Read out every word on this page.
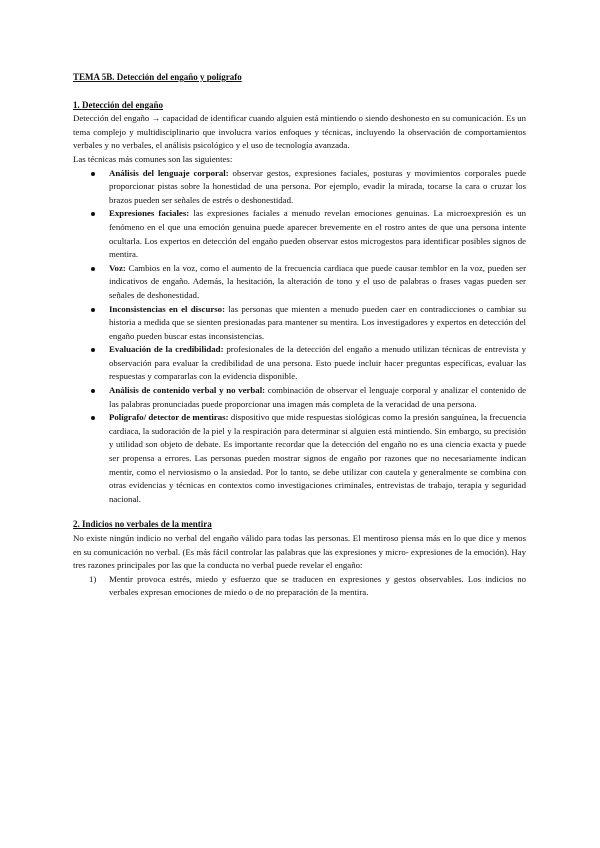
TEMA 5B. Detección del engaño y polígrafo

1. Detección del engaño

Detección del engaño → capacidad de identificar cuando alguien está mintiendo o siendo deshonesto en su comunicación. Es un tema complejo y multidisciplinario que involucra varios enfoques y técnicas, incluyendo la observación de comportamientos verbales y no verbales, el análisis psicológico y el uso de tecnología avanzada.

Las técnicas más comunes son las siguientes:

Análisis del lenguaje corporal: observar gestos, expresiones faciales, posturas y movimientos corporales puede proporcionar pistas sobre la honestidad de una persona. Por ejemplo, evadir la mirada, tocarse la cara o cruzar los brazos pueden ser señales de estrés o deshonestidad.
Expresiones faciales: las expresiones faciales a menudo revelan emociones genuinas. La microexpresión es un fenómeno en el que una emoción genuina puede aparecer brevemente en el rostro antes de que una persona intente ocultarla. Los expertos en detección del engaño pueden observar estos microgestos para identificar posibles signos de mentira.
Voz: Cambios en la voz, como el aumento de la frecuencia cardiaca que puede causar temblor en la voz, pueden ser indicativos de engaño. Además, la hesitación, la alteración de tono y el uso de palabras o frases vagas pueden ser señales de deshonestidad.
Inconsistencias en el discurso: las personas que mienten a menudo pueden caer en contradicciones o cambiar su historia a medida que se sienten presionadas para mantener su mentira. Los investigadores y expertos en detección del engaño pueden buscar estas inconsistencias.
Evaluación de la credibilidad: profesionales de la detección del engaño a menudo utilizan técnicas de entrevista y observación para evaluar la credibilidad de una persona. Esto puede incluir hacer preguntas específicas, evaluar las respuestas y compararlas con la evidencia disponible.
Análisis de contenido verbal y no verbal: combinación de observar el lenguaje corporal y analizar el contenido de las palabras pronunciadas puede proporcionar una imagen más completa de la veracidad de una persona.
Polígrafo/ detector de mentiras: dispositivo que mide respuestas siológicas como la presión sanguínea, la frecuencia cardiaca, la sudoración de la piel y la respiración para determinar si alguien está mintiendo. Sin embargo, su precisión y utilidad son objeto de debate. Es importante recordar que la detección del engaño no es una ciencia exacta y puede ser propensa a errores. Las personas pueden mostrar signos de engaño por razones que no necesariamente indican mentir, como el nerviosismo o la ansiedad. Por lo tanto, se debe utilizar con cautela y generalmente se combina con otras evidencias y técnicas en contextos como investigaciones criminales, entrevistas de trabajo, terapia y seguridad nacional.

2. Indicios no verbales de la mentira

No existe ningún indicio no verbal del engaño válido para todas las personas. El mentiroso piensa más en lo que dice y menos en su comunicación no verbal. (Es más fácil controlar las palabras que las expresiones y micro- expresiones de la emoción). Hay tres razones principales por las que la conducta no verbal puede revelar el engaño:

1) Mentir provoca estrés, miedo y esfuerzo que se traducen en expresiones y gestos observables. Los indicios no verbales expresan emociones de miedo o de no preparación de la mentira.
